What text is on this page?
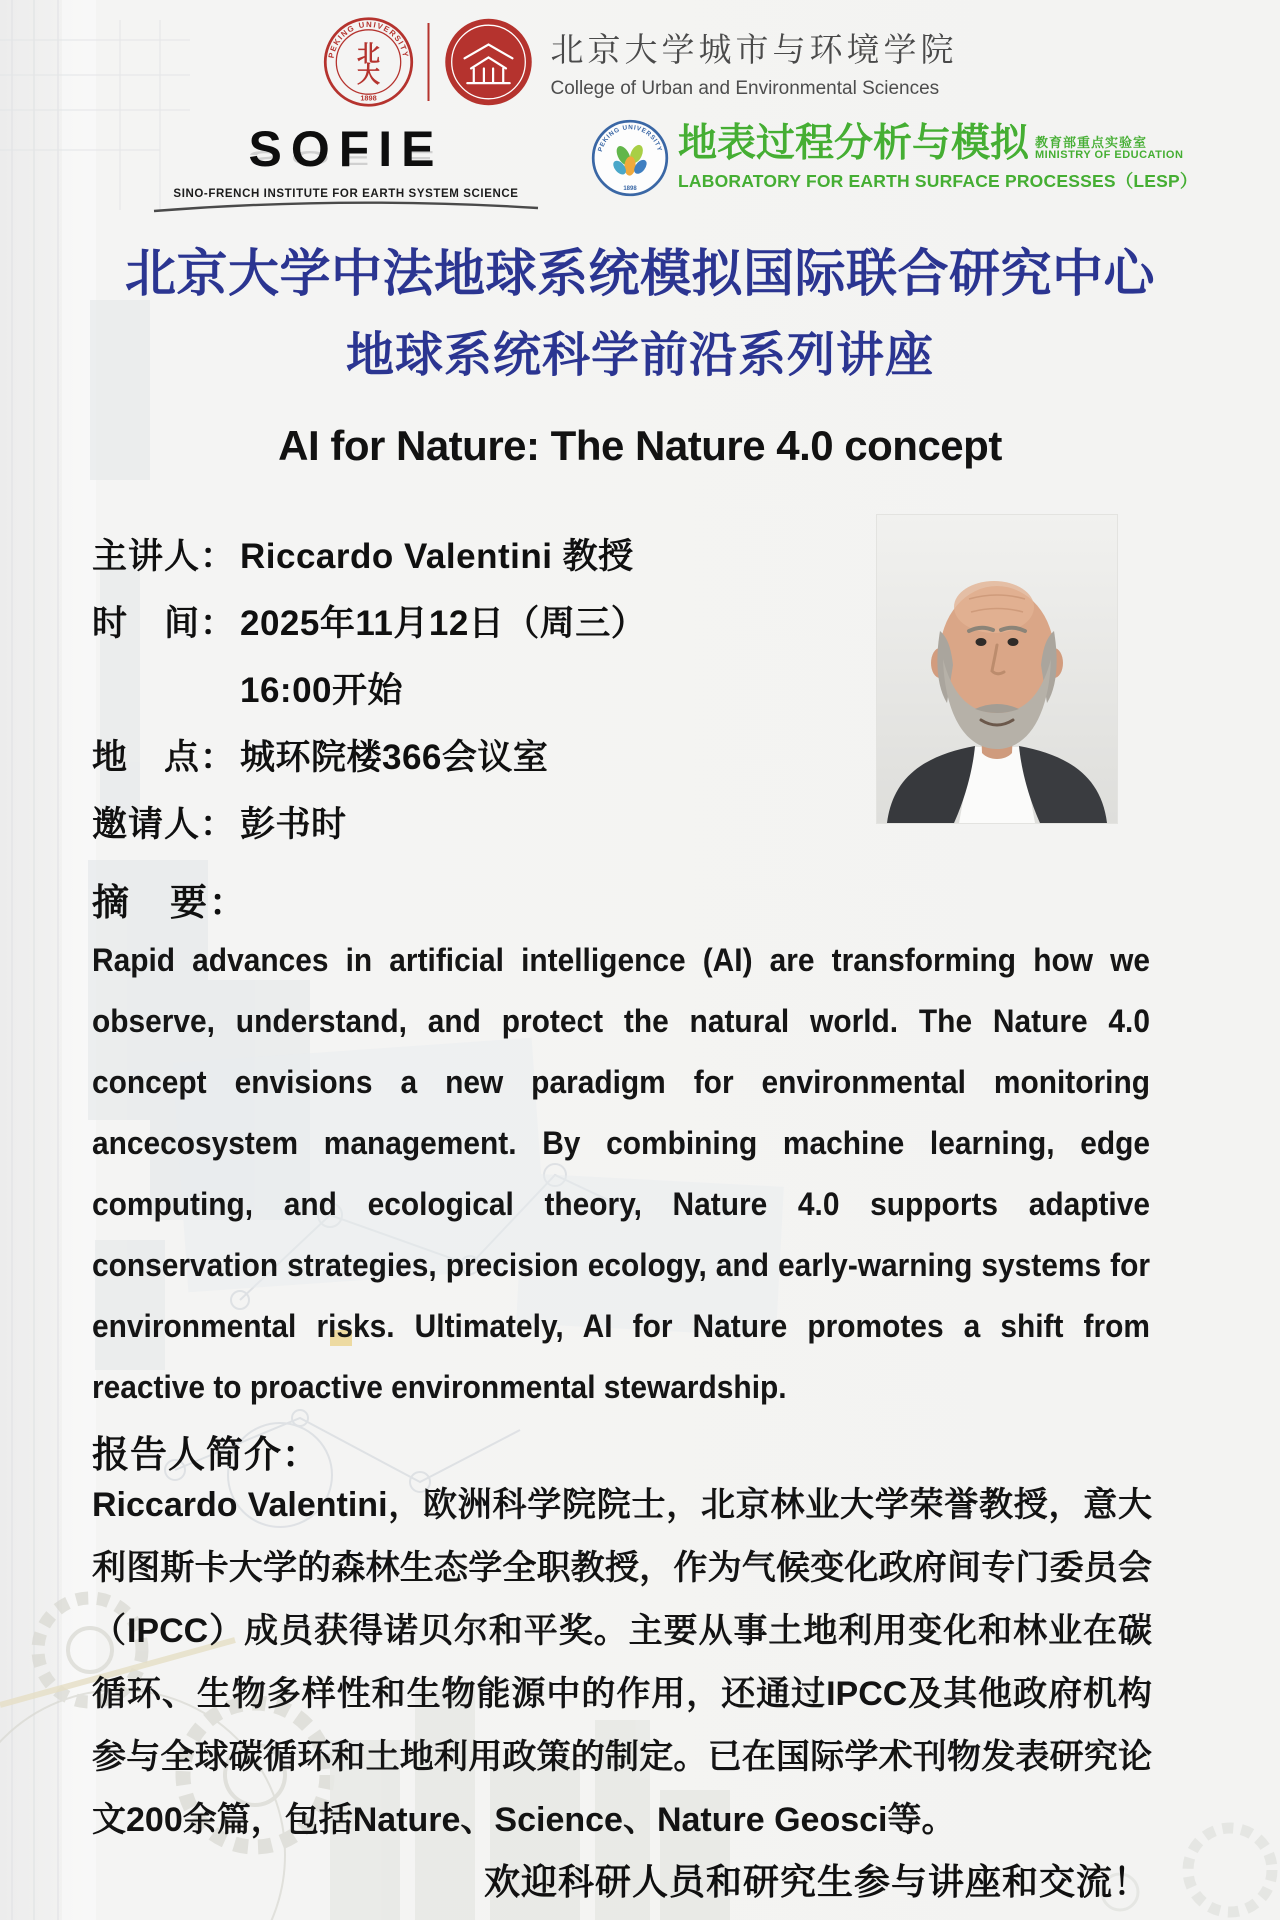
PEKING UNIVERSITY
北
大
1898
北京大学城市与环境学院
College of Urban and Environmental Sciences
SOFIE SOFIE
SINO-FRENCH INSTITUTE FOR EARTH SYSTEM SCIENCE
PEKING UNIVERSITY
1898
地表过程分析与模拟 教育部重点实验室
MINISTRY OF EDUCATION
LABORATORY FOR EARTH SURFACE PROCESSES（LESP）
北京大学中法地球系统模拟国际联合研究中心
地球系统科学前沿系列讲座
AI for Nature: The Nature 4.0 concept
主讲人： Riccardo Valentini 教授
时　间： 2025年11月12日（周三）
16:00开始
地　点： 城环院楼366会议室
邀请人： 彭书时
摘　要：

Rapid advances in artificial intelligence (AI) are transforming how we observe, understand, and protect the natural world. The Nature 4.0 concept envisions a new paradigm for environmental monitoring ancecosystem management. By combining machine learning, edge computing, and ecological theory, Nature 4.0 supports adaptive conservation strategies, precision ecology, and early-warning systems for environmental risks. Ultimately, AI for Nature promotes a shift from reactive to proactive environmental stewardship.

报告人简介：

Riccardo Valentini，欧洲科学院院士，北京林业大学荣誉教授，意大利图斯卡大学的森林生态学全职教授，作为气候变化政府间专门委员会（IPCC）成员获得诺贝尔和平奖。主要从事土地利用变化和林业在碳循环、生物多样性和生物能源中的作用，还通过IPCC及其他政府机构参与全球碳循环和土地利用政策的制定。已在国际学术刊物发表研究论文200余篇，包括Nature、Science、Nature Geosci等。

欢迎科研人员和研究生参与讲座和交流！
